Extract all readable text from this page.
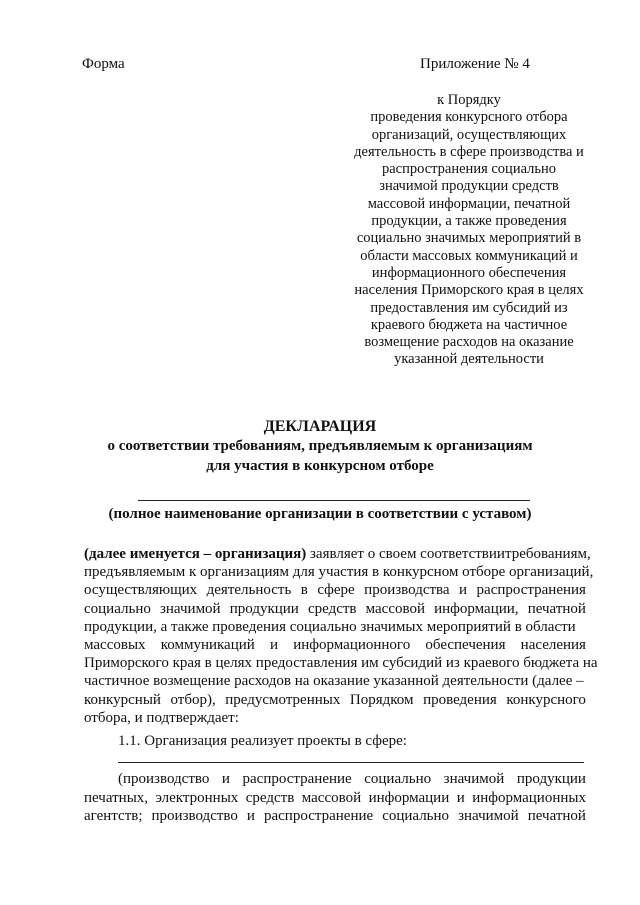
Форма	Приложение № 4
к Порядку
проведения конкурсного отбора
организаций, осуществляющих
деятельность в сфере производства и
распространения социально
значимой продукции средств
массовой информации, печатной
продукции, а также проведения
социально значимых мероприятий в
области массовых коммуникаций и
информационного обеспечения
населения Приморского края в целях
предоставления им субсидий из
краевого бюджета на частичное
возмещение расходов на оказание
указанной деятельности
ДЕКЛАРАЦИЯ
о соответствии требованиям, предъявляемым к организациям
для участия в конкурсном отборе
(полное наименование организации в соответствии с уставом)
(далее именуется – организация) заявляет о своем соответствии требованиям,
предъявляемым к организациям для участия в конкурсном отборе организаций,
осуществляющих деятельность в сфере производства и распространения
социально значимой продукции средств массовой информации, печатной
продукции, а также проведения социально значимых мероприятий в области
массовых коммуникаций и информационного обеспечения населения
Приморского края в целях предоставления им субсидий из краевого бюджета на
частичное возмещение расходов на оказание указанной деятельности (далее –
конкурсный отбор), предусмотренных Порядком проведения конкурсного
отбора, и подтверждает:
1.1. Организация реализует проекты в сфере:
(производство и распространение социально значимой продукции
печатных, электронных средств массовой информации и информационных
агентств; производство и распространение социально значимой печатной
